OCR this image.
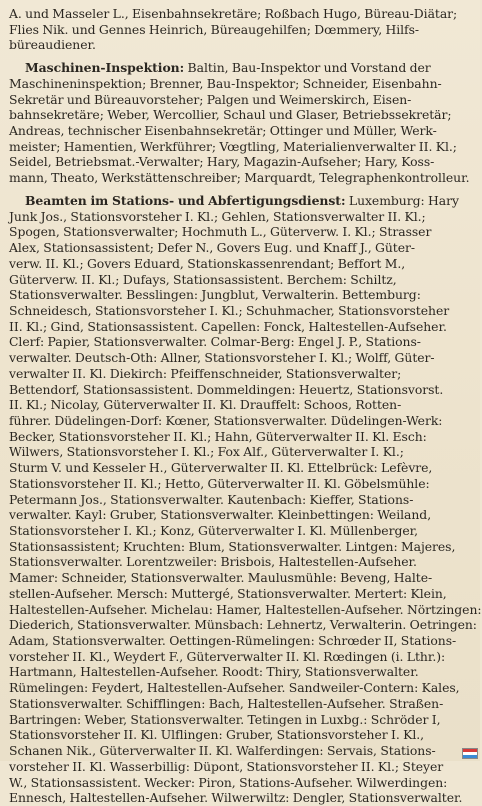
A. und Masseler L., Eisenbahnsekretäre; Roßbach Hugo, Büreau-Diätar;
Flies Nik. und Gennes Heinrich, Büreaugehilfen; Dœmmery, Hilfs-
büreaudiener.
Maschinen-Inspektion: Baltin, Bau-Inspektor und Vorstand der
Maschineninspektion; Brenner, Bau-Inspektor; Schneider, Eisenbahn-
Sekretär und Büreauvorsteher; Palgen und Weimerskirch, Eisen-
bahnsekretäre; Weber, Wercollier, Schaul und Glaser, Betriebssekretär;
Andreas, technischer Eisenbahnsekretär; Ottinger und Müller, Werk-
meister; Hamentien, Werkführer; Vœgtling, Materialienverwalter II. Kl.;
Seidel, Betriebsmat.-Verwalter; Hary, Magazin-Aufseher; Hary, Koss-
mann, Theato, Werkstättenschreiber; Marquardt, Telegraphenkontrolleur.
Beamten im Stations- und Abfertigungsdienst: Luxemburg: Hary
Junk Jos., Stationsvorsteher I. Kl.; Gehlen, Stationsverwalter II. Kl.;
Spogen, Stationsverwalter; Hochmuth L., Güterverw. I. Kl.; Strasser
Alex, Stationsassistent; Defer N., Govers Eug. und Knaff J., Güter-
verw. II. Kl.; Govers Eduard, Stationskassenrendant; Beffort M.,
Güterverw. II. Kl.; Dufays, Stationsassistent. Berchem: Schiltz,
Stationsverwalter. Besslingen: Jungblut, Verwalterin. Bettemburg:
Schneidesch, Stationsvorsteher I. Kl.; Schuhmacher, Stationsvorsteher
II. Kl.; Gind, Stationsassistent. Capellen: Fonck, Haltestellen-Aufseher.
Clerf: Papier, Stationsverwalter. Colmar-Berg: Engel J. P., Stations-
verwalter. Deutsch-Oth: Allner, Stationsvorsteher I. Kl.; Wolff, Güter-
verwalter II. Kl. Diekirch: Pfeiffenschneider, Stationsverwalter;
Bettendorf, Stationsassistent. Dommeldingen: Heuertz, Stationsvorst.
II. Kl.; Nicolay, Güterverwalter II. Kl. Drauffelt: Schoos, Rotten-
führer. Düdelingen-Dorf: Kœner, Stationsverwalter. Düdelingen-Werk:
Becker, Stationsvorsteher II. Kl.; Hahn, Güterverwalter II. Kl. Esch:
Wilwers, Stationsvorsteher I. Kl.; Fox Alf., Güterverwalter I. Kl.;
Sturm V. und Kesseler H., Güterverwalter II. Kl. Ettelbrück: Lefèvre,
Stationsvorsteher II. Kl.; Hetto, Güterverwalter II. Kl. Göbelsmühle:
Petermann Jos., Stationsverwalter. Kautenbach: Kieffer, Stations-
verwalter. Kayl: Gruber, Stationsverwalter. Kleinbettingen: Weiland,
Stationsvorsteher I. Kl.; Konz, Güterverwalter I. Kl. Müllenberger,
Stationsassistent; Kruchten: Blum, Stationsverwalter. Lintgen: Majeres,
Stationsverwalter. Lorentzweiler: Brisbois, Haltestellen-Aufseher.
Mamer: Schneider, Stationsverwalter. Maulusmühle: Beveng, Halte-
stellen-Aufseher. Mersch: Muttergé, Stationsverwalter. Mertert: Klein,
Haltestellen-Aufseher. Michelau: Hamer, Haltestellen-Aufseher. Nörtzingen:
Diederich, Stationsverwalter. Münsbach: Lehnertz, Verwalterin. Oetringen:
Adam, Stationsverwalter. Oettingen-Rümelingen: Schrœder II, Stations-
vorsteher II. Kl., Weydert F., Güterverwalter II. Kl. Rœdingen (i. Lthr.):
Hartmann, Haltestellen-Aufseher. Roodt: Thiry, Stationsverwalter.
Rümelingen: Feydert, Haltestellen-Aufseher. Sandweiler-Contern: Kales,
Stationsverwalter. Schifflingen: Bach, Haltestellen-Aufseher. Straßen-
Bartringen: Weber, Stationsverwalter. Tetingen in Luxbg.: Schröder I,
Stationsvorsteher II. Kl. Ulflingen: Gruber, Stationsvorsteher I. Kl.,
Schanen Nik., Güterverwalter II. Kl. Walferdingen: Servais, Stations-
vorsteher II. Kl. Wasserbillig: Düpont, Stationsvorsteher II. Kl.; Steyer
W., Stationsassistent. Wecker: Piron, Stations-Aufseher. Wilwerdingen:
Ennesch, Haltestellen-Aufseher. Wilwerwiltz: Dengler, Stationsverwalter.
